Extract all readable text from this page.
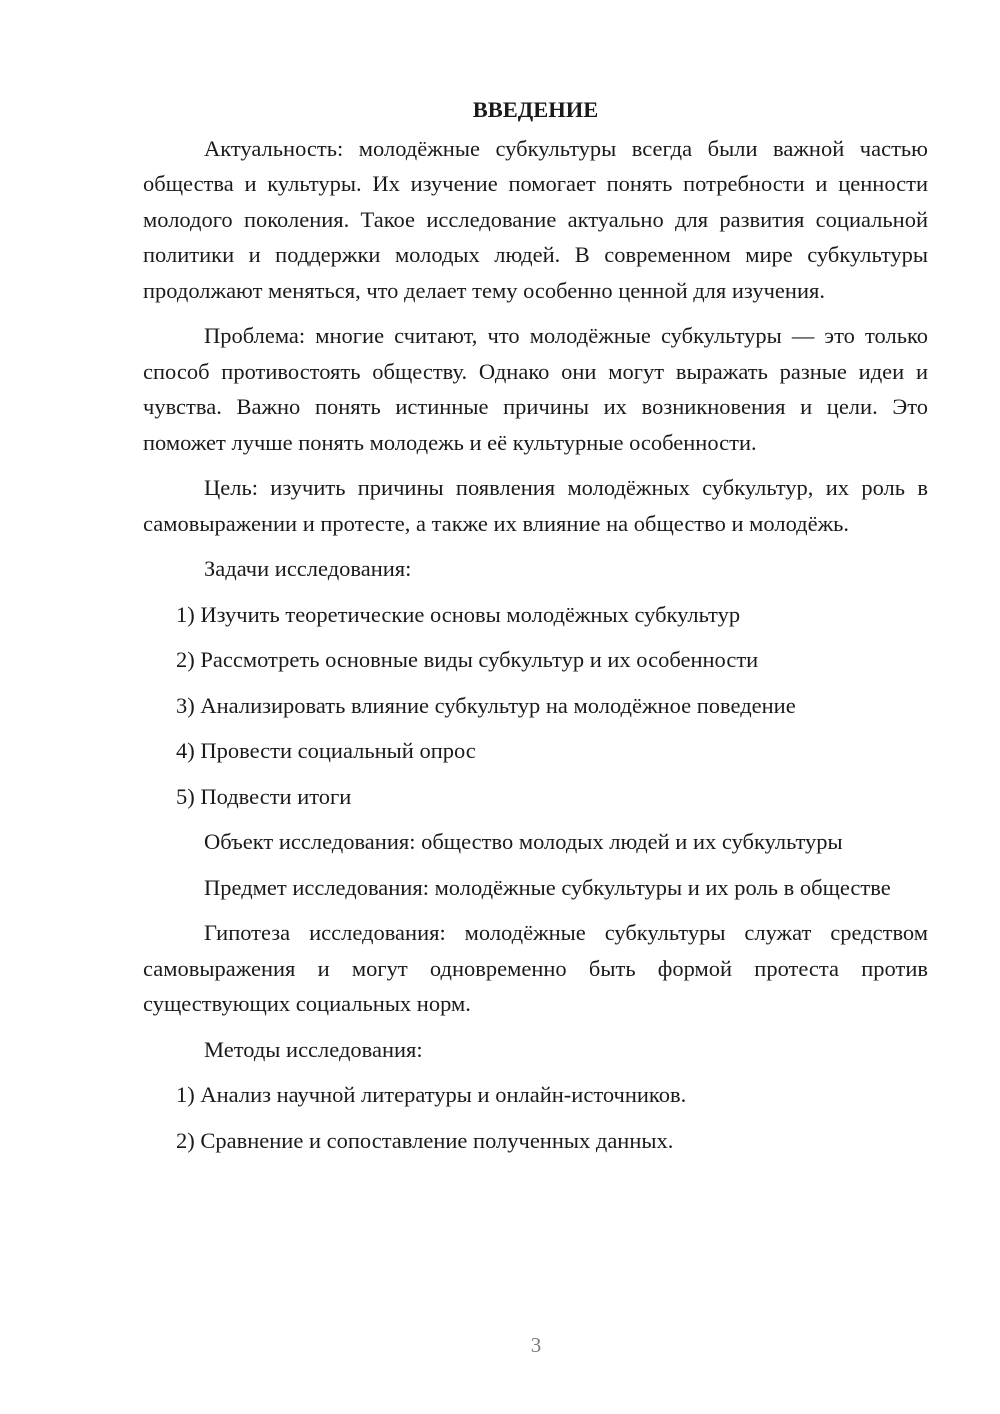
ВВЕДЕНИЕ

Актуальность: молодёжные субкультуры всегда были важной частью общества и культуры. Их изучение помогает понять потребности и ценности молодого поколения. Такое исследование актуально для развития социальной политики и поддержки молодых людей. В современном мире субкультуры продолжают меняться, что делает тему особенно ценной для изучения.

Проблема: многие считают, что молодёжные субкультуры — это только способ противостоять обществу. Однако они могут выражать разные идеи и чувства. Важно понять истинные причины их возникновения и цели. Это поможет лучше понять молодежь и её культурные особенности.

Цель: изучить причины появления молодёжных субкультур, их роль в самовыражении и протесте, а также их влияние на общество и молодёжь.

Задачи исследования:

1) Изучить теоретические основы молодёжных субкультур

2) Рассмотреть основные виды субкультур и их особенности

3) Анализировать влияние субкультур на молодёжное поведение

4) Провести социальный опрос

5) Подвести итоги

Объект исследования: общество молодых людей и их субкультуры

Предмет исследования: молодёжные субкультуры и их роль в обществе

Гипотеза исследования: молодёжные субкультуры служат средством самовыражения и могут одновременно быть формой протеста против существующих социальных норм.

Методы исследования:

1) Анализ научной литературы и онлайн-источников.

2) Сравнение и сопоставление полученных данных.

3
